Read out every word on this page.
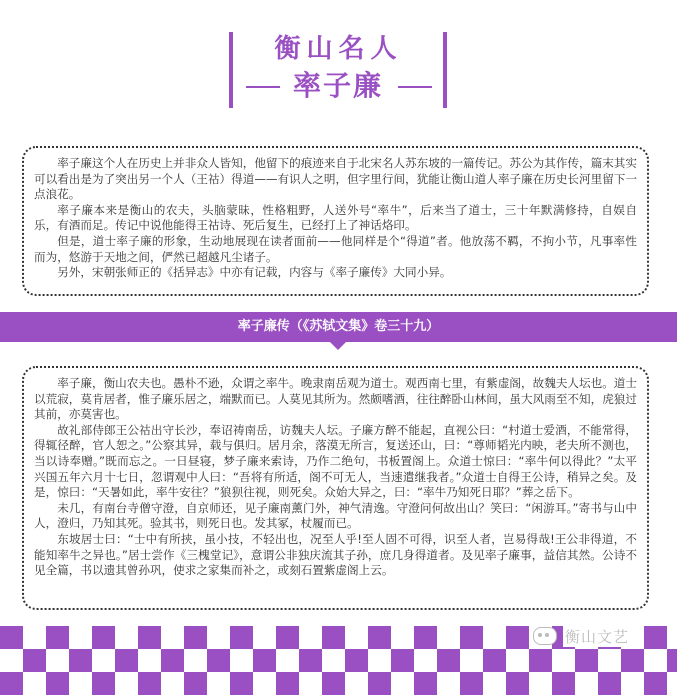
衡山名人
率子廉

率子廉这个人在历史上并非众人皆知，他留下的痕迹来自于北宋名人苏东坡的一篇传记。苏公为其作传，篇末其实可以看出是为了突出另一个人（王祜）得道——有识人之明，但字里行间，犹能让衡山道人率子廉在历史长河里留下一点浪花。

率子廉本来是衡山的农夫，头脑蒙昧，性格粗野，人送外号“率牛”，后来当了道士，三十年默满修持，自娱自乐，有酒而足。传记中说他能得王祜诗、死后复生，已经打上了神话烙印。

但是，道士率子廉的形象，生动地展现在读者面前——他同样是个“得道”者。他放荡不羁，不拘小节，凡事率性而为，悠游于天地之间，俨然已超越凡尘诸子。

另外，宋朝张师正的《括异志》中亦有记载，内容与《率子廉传》大同小异。

率子廉传（《苏轼文集》卷三十九）

率子廉，衡山农夫也。愚朴不逊，众谓之率牛。晚隶南岳观为道士。观西南七里，有紫虚阁，故魏夫人坛也。道士以荒寂，莫肯居者，惟子廉乐居之，端默而已。人莫见其所为。然颇嗜酒，往往醉卧山林间，虽大风雨至不知，虎狼过其前，亦莫害也。

故礼部侍郎王公祜出守长沙，奉诏祷南岳，访魏夫人坛。子廉方醉不能起，直视公曰：“村道士爱酒，不能常得，得辄径醉，官人恕之。”公察其异，载与俱归。居月余，落漠无所言，复送还山，曰：“尊师韬光内映，老夫所不测也，当以诗奉赠。”既而忘之。一日昼寝，梦子廉来索诗，乃作二绝句，书板置阁上。众道士惊曰：“率牛何以得此？”太平兴国五年六月十七日，忽谓观中人曰：“吾将有所适，阁不可无人，当速遣继我者。”众道士自得王公诗，稍异之矣。及是，惊曰：“天暑如此，率牛安往？”狼狈往视，则死矣。众始大异之，曰：“率牛乃知死日耶？”葬之岳下。

未几，有南台寺僧守澄，自京师还，见子廉南薰门外，神气清逸。守澄问何故出山？笑曰：“闲游耳。”寄书与山中人，澄归，乃知其死。验其书，则死日也。发其冢，杖履而已。

东坡居士曰：“士中有所挟，虽小技，不轻出也，况至人乎!至人固不可得，识至人者，岂易得哉!王公非得道，不能知率牛之异也。”居士尝作《三槐堂记》，意谓公非独庆流其子孙，庶几身得道者。及见率子廉事，益信其然。公诗不见全篇，书以遗其曾孙巩，使求之家集而补之，或刻石置紫虚阁上云。

衡山文艺
